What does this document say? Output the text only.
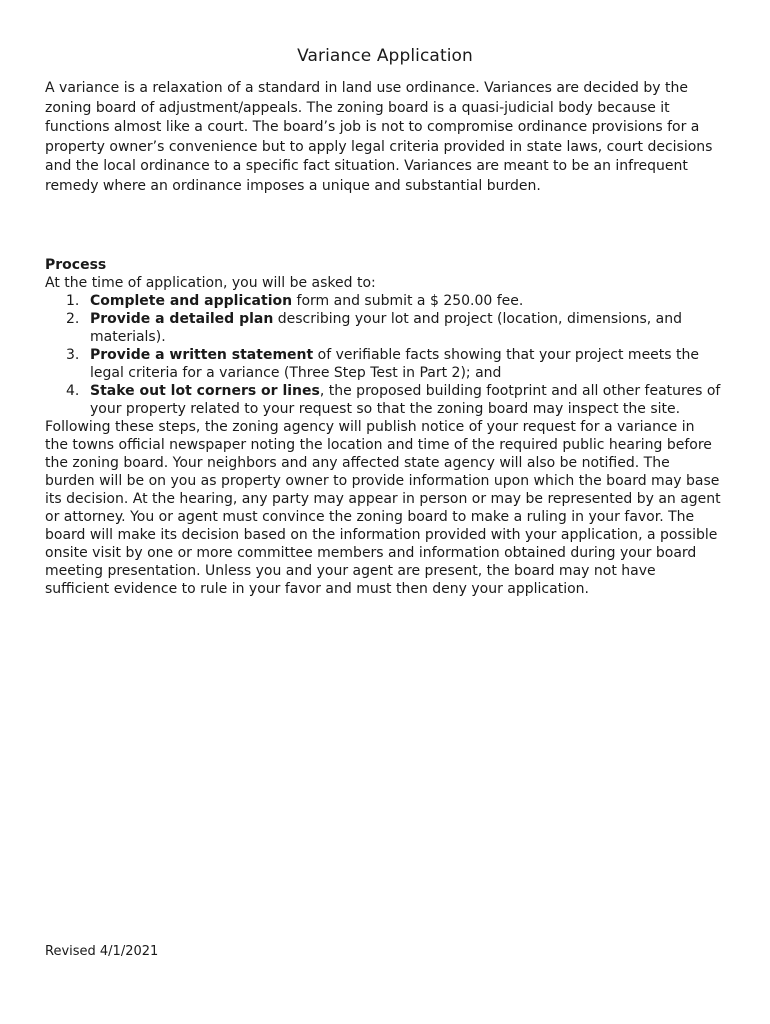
Variance Application

A variance is a relaxation of a standard in land use ordinance. Variances are decided by the zoning board of adjustment/appeals. The zoning board is a quasi-judicial body because it functions almost like a court. The board’s job is not to compromise ordinance provisions for a property owner’s convenience but to apply legal criteria provided in state laws, court decisions and the local ordinance to a specific fact situation. Variances are meant to be an infrequent remedy where an ordinance imposes a unique and substantial burden.

Process

At the time of application, you will be asked to:

1. Complete and application form and submit a $ 250.00 fee.
2. Provide a detailed plan describing your lot and project (location, dimensions, and materials).
3. Provide a written statement of verifiable facts showing that your project meets the legal criteria for a variance (Three Step Test in Part 2); and
4. Stake out lot corners or lines, the proposed building footprint and all other features of your property related to your request so that the zoning board may inspect the site.

Following these steps, the zoning agency will publish notice of your request for a variance in the towns official newspaper noting the location and time of the required public hearing before the zoning board. Your neighbors and any affected state agency will also be notified. The burden will be on you as property owner to provide information upon which the board may base its decision. At the hearing, any party may appear in person or may be represented by an agent or attorney. You or agent must convince the zoning board to make a ruling in your favor. The board will make its decision based on the information provided with your application, a possible onsite visit by one or more committee members and information obtained during your board meeting presentation. Unless you and your agent are present, the board may not have sufficient evidence to rule in your favor and must then deny your application.

Revised 4/1/2021
